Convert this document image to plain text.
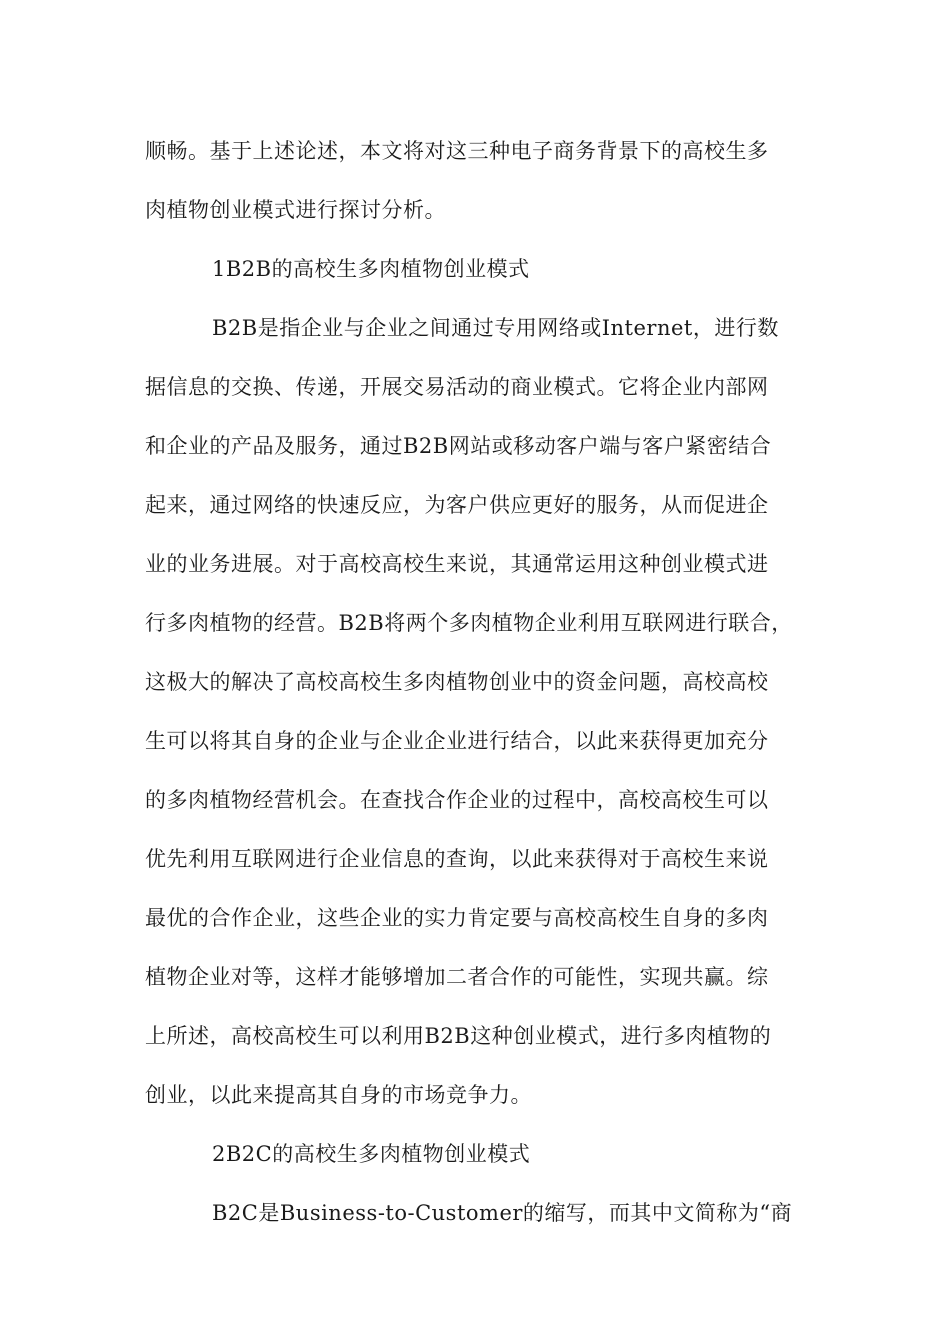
顺畅。基于上述论述，本文将对这三种电子商务背景下的高校生多
肉植物创业模式进行探讨分析。
1B2B的高校生多肉植物创业模式
B2B是指企业与企业之间通过专用网络或Internet，进行数
据信息的交换、传递，开展交易活动的商业模式。它将企业内部网
和企业的产品及服务，通过B2B网站或移动客户端与客户紧密结合
起来，通过网络的快速反应，为客户供应更好的服务，从而促进企
业的业务进展。对于高校高校生来说，其通常运用这种创业模式进
行多肉植物的经营。B2B将两个多肉植物企业利用互联网进行联合，
这极大的解决了高校高校生多肉植物创业中的资金问题，高校高校
生可以将其自身的企业与企业企业进行结合，以此来获得更加充分
的多肉植物经营机会。在查找合作企业的过程中，高校高校生可以
优先利用互联网进行企业信息的查询，以此来获得对于高校生来说
最优的合作企业，这些企业的实力肯定要与高校高校生自身的多肉
植物企业对等，这样才能够增加二者合作的可能性，实现共赢。综
上所述，高校高校生可以利用B2B这种创业模式，进行多肉植物的
创业，以此来提高其自身的市场竞争力。
2B2C的高校生多肉植物创业模式
B2C是Business-to-Customer的缩写，而其中文简称为“商
